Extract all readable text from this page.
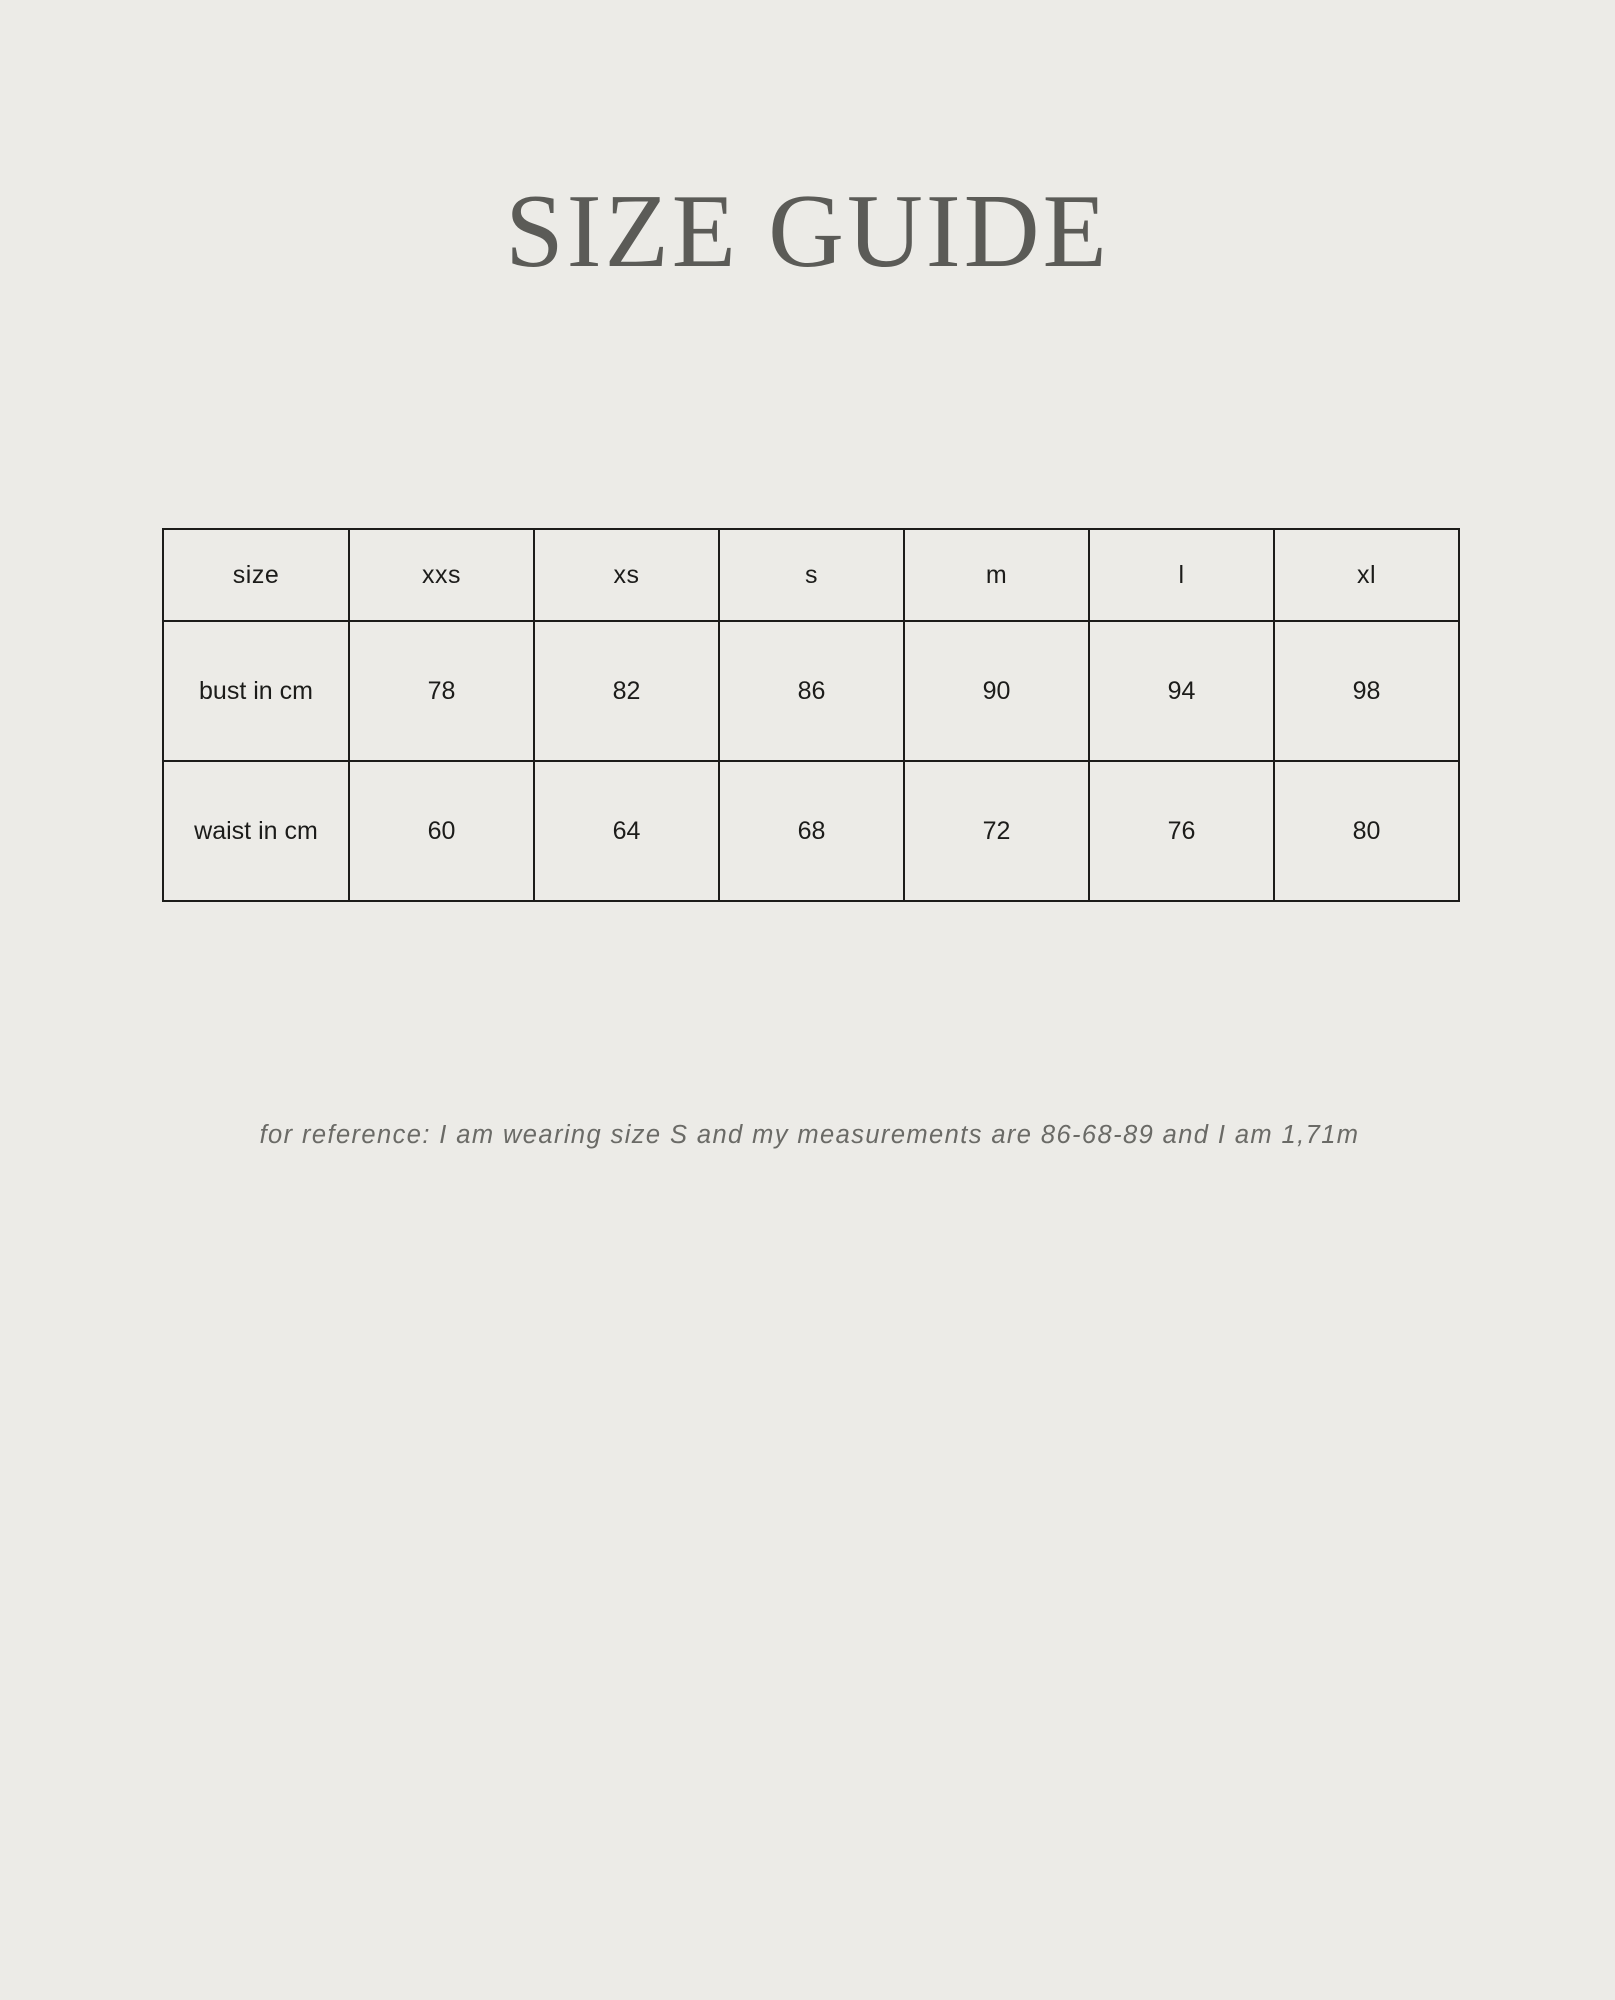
SIZE GUIDE
size	xxs	xs	s	m	l	xl
bust in cm	78	82	86	90	94	98
waist in cm	60	64	68	72	76	80
for reference: I am wearing size S and my measurements are 86-68-89 and I am 1,71m
